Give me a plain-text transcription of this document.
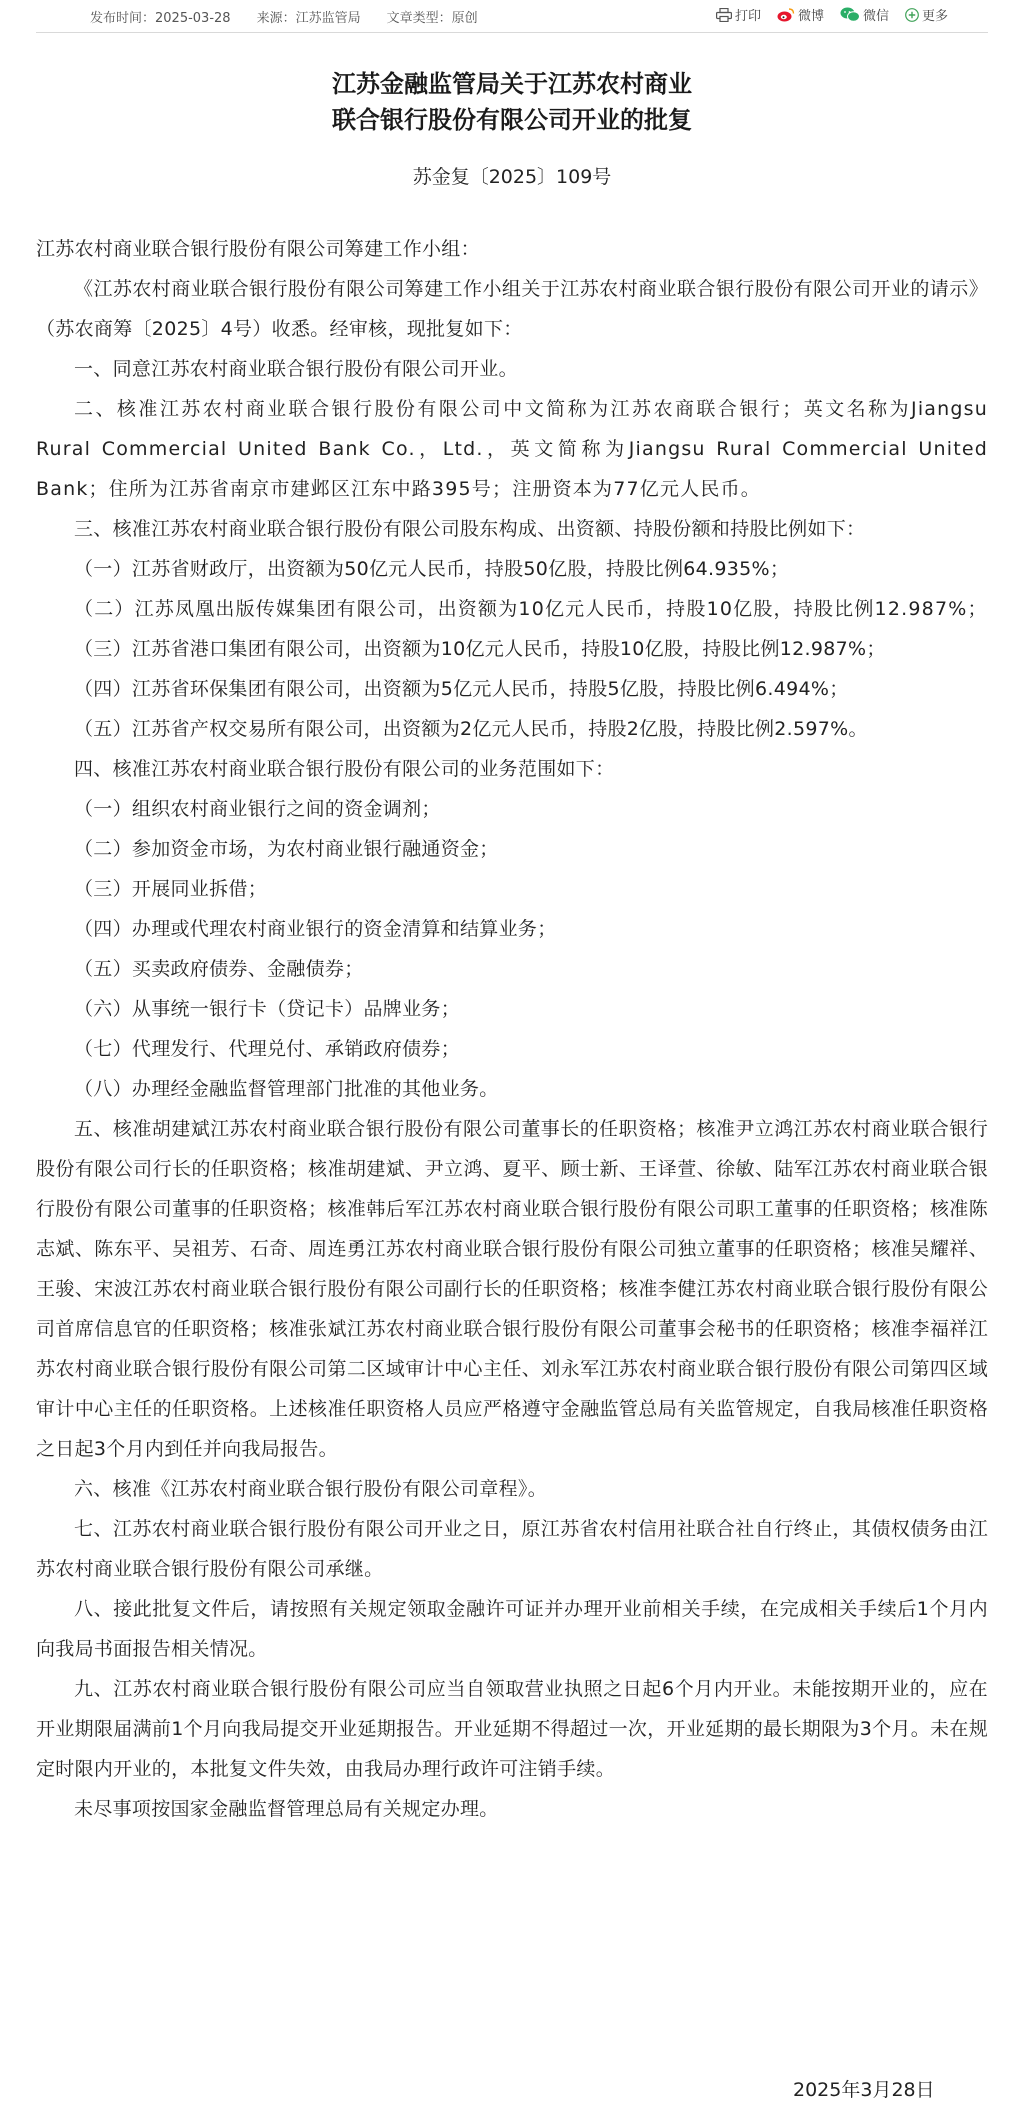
发布时间：2025-03-28 来源：江苏监管局 文章类型：原创	打印	微博	微信	更多
江苏金融监管局关于江苏农村商业
联合银行股份有限公司开业的批复
苏金复〔2025〕109号

江苏农村商业联合银行股份有限公司筹建工作小组：

《江苏农村商业联合银行股份有限公司筹建工作小组关于江苏农村商业联合银行股份有限公司开业的请示》（苏农商筹〔2025〕4号）收悉。经审核，现批复如下：

一、同意江苏农村商业联合银行股份有限公司开业。

二、核准江苏农村商业联合银行股份有限公司中文简称为江苏农商联合银行；英文名称为Jiangsu Rural Commercial United Bank Co.，Ltd.，英文简称为Jiangsu Rural Commercial United Bank；住所为江苏省南京市建邺区江东中路395号；注册资本为77亿元人民币。

三、核准江苏农村商业联合银行股份有限公司股东构成、出资额、持股份额和持股比例如下：

（一）江苏省财政厅，出资额为50亿元人民币，持股50亿股，持股比例64.935%；

（二）江苏凤凰出版传媒集团有限公司，出资额为10亿元人民币，持股10亿股，持股比例12.987%；

（三）江苏省港口集团有限公司，出资额为10亿元人民币，持股10亿股，持股比例12.987%；

（四）江苏省环保集团有限公司，出资额为5亿元人民币，持股5亿股，持股比例6.494%；

（五）江苏省产权交易所有限公司，出资额为2亿元人民币，持股2亿股，持股比例2.597%。

四、核准江苏农村商业联合银行股份有限公司的业务范围如下：

（一）组织农村商业银行之间的资金调剂；

（二）参加资金市场，为农村商业银行融通资金；

（三）开展同业拆借；

（四）办理或代理农村商业银行的资金清算和结算业务；

（五）买卖政府债券、金融债券；

（六）从事统一银行卡（贷记卡）品牌业务；

（七）代理发行、代理兑付、承销政府债券；

（八）办理经金融监督管理部门批准的其他业务。

五、核准胡建斌江苏农村商业联合银行股份有限公司董事长的任职资格；核准尹立鸿江苏农村商业联合银行股份有限公司行长的任职资格；核准胡建斌、尹立鸿、夏平、顾士新、王译萱、徐敏、陆军江苏农村商业联合银行股份有限公司董事的任职资格；核准韩后军江苏农村商业联合银行股份有限公司职工董事的任职资格；核准陈志斌、陈东平、吴祖芳、石奇、周连勇江苏农村商业联合银行股份有限公司独立董事的任职资格；核准吴耀祥、王骏、宋波江苏农村商业联合银行股份有限公司副行长的任职资格；核准李健江苏农村商业联合银行股份有限公司首席信息官的任职资格；核准张斌江苏农村商业联合银行股份有限公司董事会秘书的任职资格；核准李福祥江苏农村商业联合银行股份有限公司第二区域审计中心主任、刘永军江苏农村商业联合银行股份有限公司第四区域审计中心主任的任职资格。上述核准任职资格人员应严格遵守金融监管总局有关监管规定，自我局核准任职资格之日起3个月内到任并向我局报告。

六、核准《江苏农村商业联合银行股份有限公司章程》。

七、江苏农村商业联合银行股份有限公司开业之日，原江苏省农村信用社联合社自行终止，其债权债务由江苏农村商业联合银行股份有限公司承继。

八、接此批复文件后，请按照有关规定领取金融许可证并办理开业前相关手续，在完成相关手续后1个月内向我局书面报告相关情况。

九、江苏农村商业联合银行股份有限公司应当自领取营业执照之日起6个月内开业。未能按期开业的，应在开业期限届满前1个月向我局提交开业延期报告。开业延期不得超过一次，开业延期的最长期限为3个月。未在规定时限内开业的，本批复文件失效，由我局办理行政许可注销手续。

未尽事项按国家金融监督管理总局有关规定办理。

2025年3月28日
